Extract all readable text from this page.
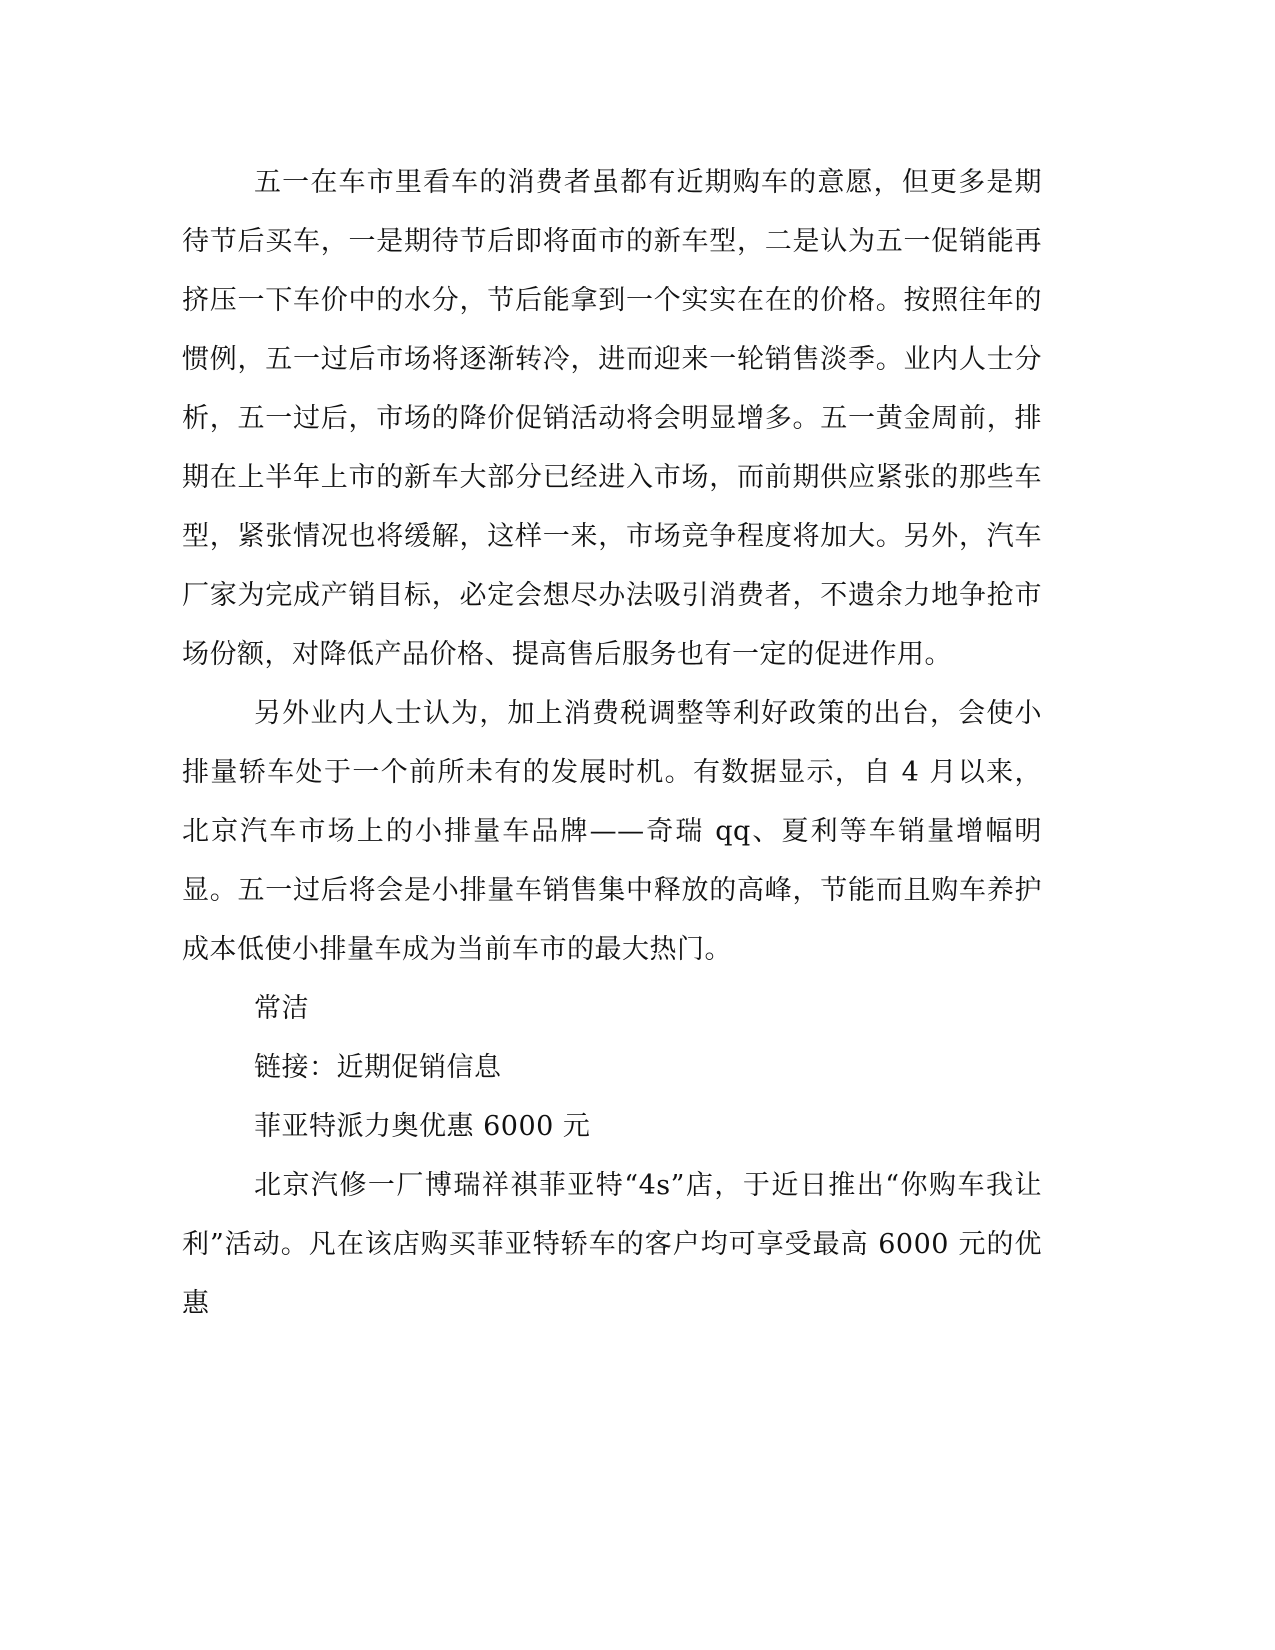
五一在车市里看车的消费者虽都有近期购车的意愿，但更多是期待节后买车，一是期待节后即将面市的新车型，二是认为五一促销能再挤压一下车价中的水分，节后能拿到一个实实在在的价格。按照往年的惯例，五一过后市场将逐渐转冷，进而迎来一轮销售淡季。业内人士分析，五一过后，市场的降价促销活动将会明显增多。五一黄金周前，排期在上半年上市的新车大部分已经进入市场，而前期供应紧张的那些车型，紧张情况也将缓解，这样一来，市场竞争程度将加大。另外，汽车厂家为完成产销目标，必定会想尽办法吸引消费者，不遗余力地争抢市场份额，对降低产品价格、提高售后服务也有一定的促进作用。

另外业内人士认为，加上消费税调整等利好政策的出台，会使小排量轿车处于一个前所未有的发展时机。有数据显示，自 4 月以来，北京汽车市场上的小排量车品牌——奇瑞 qq、夏利等车销量增幅明显。五一过后将会是小排量车销售集中释放的高峰，节能而且购车养护成本低使小排量车成为当前车市的最大热门。

常洁

链接：近期促销信息

菲亚特派力奥优惠 6000 元

北京汽修一厂博瑞祥祺菲亚特“4s”店，于近日推出“你购车我让利”活动。凡在该店购买菲亚特轿车的客户均可享受最高 6000 元的优惠
